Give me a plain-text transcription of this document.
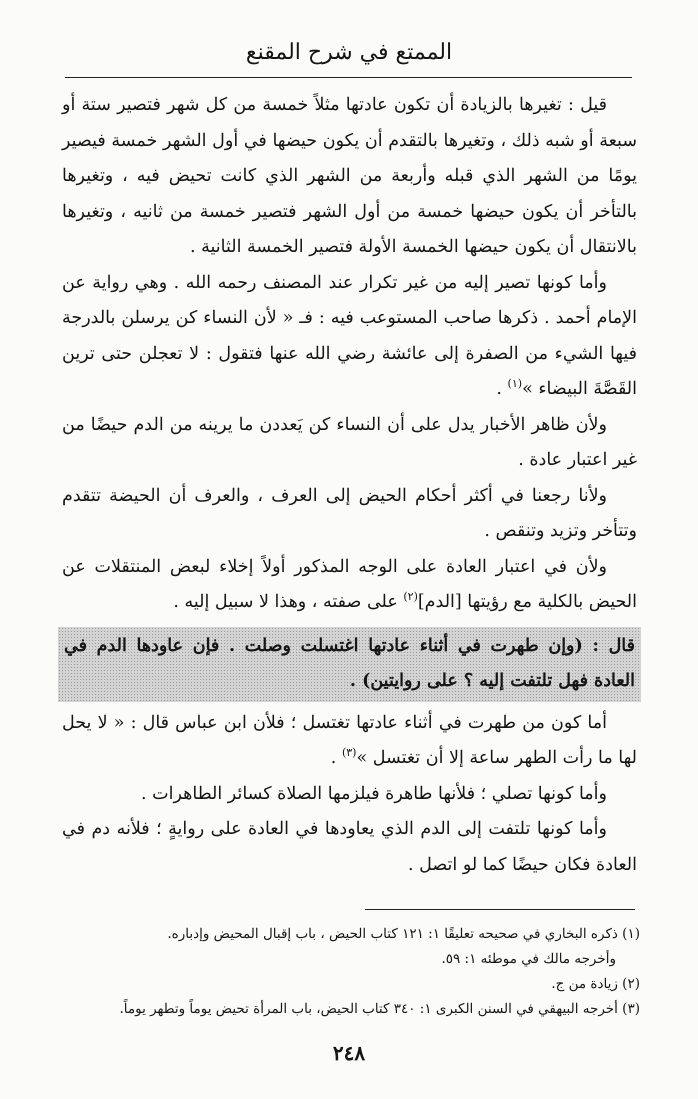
الممتع في شرح المقنع

قيل : تغيرها بالزيادة أن تكون عادتها مثلاً خمسة من كل شهر فتصير ستة أو سبعة أو شبه ذلك ، وتغيرها بالتقدم أن يكون حيضها في أول الشهر خمسة فيصير يومًا من الشهر الذي قبله وأربعة من الشهر الذي كانت تحيض فيه ، وتغيرها بالتأخر أن يكون حيضها خمسة من أول الشهر فتصير خمسة من ثانيه ، وتغيرها بالانتقال أن يكون حيضها الخمسة الأولة فتصير الخمسة الثانية .

وأما كونها تصير إليه من غير تكرار عند المصنف رحمه الله . وهي رواية عن الإمام أحمد . ذكرها صاحب المستوعب فيه : فـ « لأن النساء كن يرسلن بالدرجة فيها الشيء من الصفرة إلى عائشة رضي الله عنها فتقول : لا تعجلن حتى ترين القَصَّةَ البيضاء »$^{(١)}$ .

ولأن ظاهر الأخبار يدل على أن النساء كن يَعددن ما يرينه من الدم حيضًا من غير اعتبار عادة .

ولأنا رجعنا في أكثر أحكام الحيض إلى العرف ، والعرف أن الحيضة تتقدم وتتأخر وتزيد وتنقص .

ولأن في اعتبار العادة على الوجه المذكور أولاً إخلاء لبعض المنتقلات عن الحيض بالكلية مع رؤيتها [الدم]$^{(٢)}$ على صفته ، وهذا لا سبيل إليه .

قال : (وإن طهرت في أثناء عادتها اغتسلت وصلت . فإن عاودها الدم في العادة فهل تلتفت إليه ؟ على روايتين) .

أما كون من طهرت في أثناء عادتها تغتسل ؛ فلأن ابن عباس قال : « لا يحل لها ما رأت الطهر ساعة إلا أن تغتسل »$^{(٣)}$ .

وأما كونها تصلي ؛ فلأنها طاهرة فيلزمها الصلاة كسائر الطاهرات .

وأما كونها تلتفت إلى الدم الذي يعاودها في العادة على روايةٍ ؛ فلأنه دم في العادة فكان حيضًا كما لو اتصل .

(١) ذكره البخاري في صحيحه تعليقًا ١: ١٢١ كتاب الحيض ، باب إقبال المحيض وإدباره.

وأخرجه مالك في موطئه ١: ٥٩.

(٢) زيادة من ج.

(٣) أخرجه البيهقي في السنن الكبرى ١: ٣٤٠ كتاب الحيض، باب المرأة تحيض يوماً وتطهر يوماً.

٢٤٨
